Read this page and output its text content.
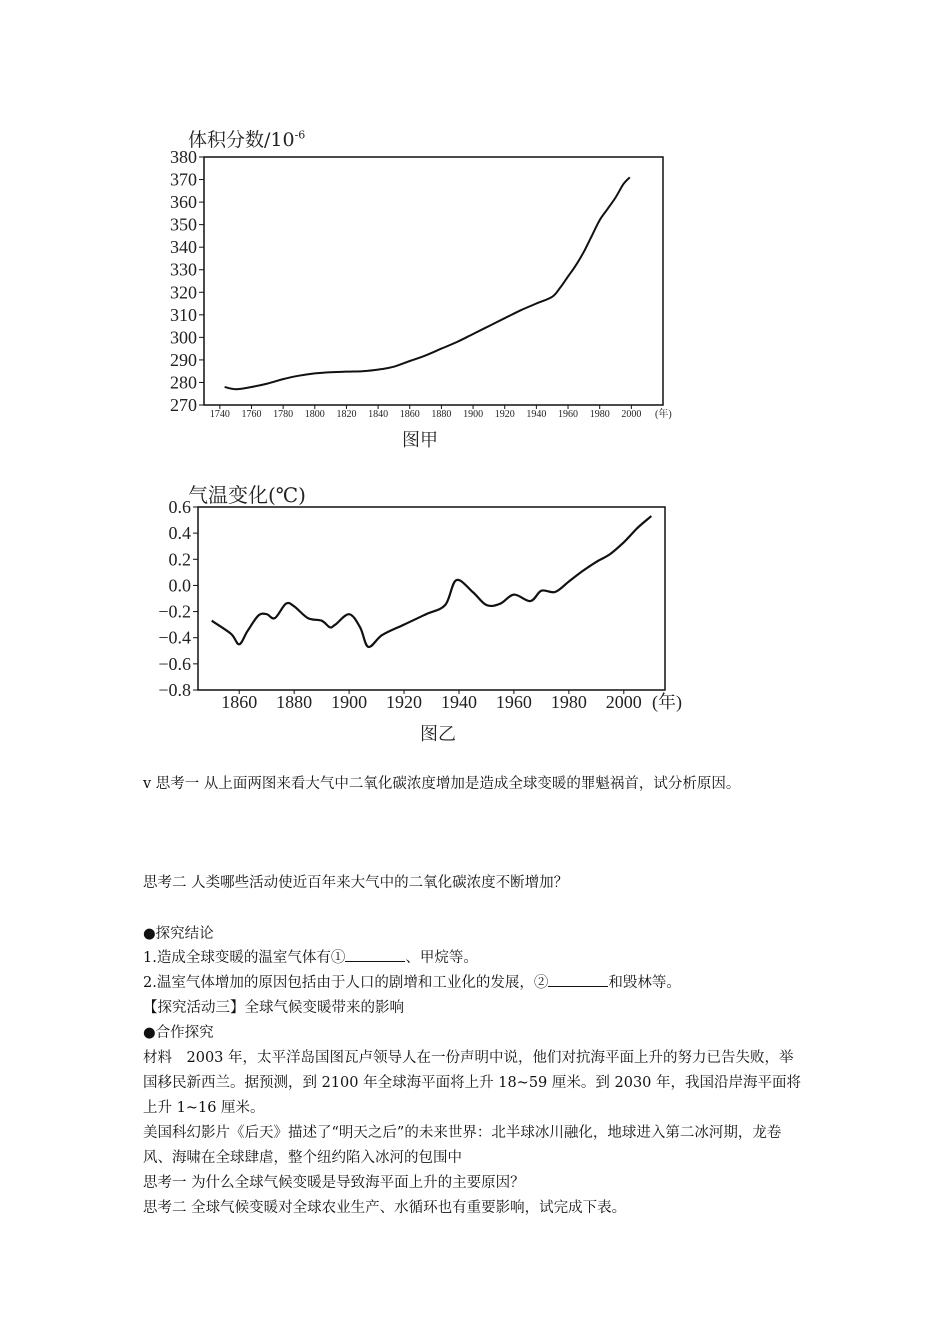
体积分数$/10^{-6}$
270
280
290
300
310
320
330
340
350
360
370
380
1740 1760 1780 1800 1820 1840 1860 1880 1900 1920 1940 1960 1980 2000 (年)
图甲
气温变化(℃)
0.6
0.4
0.2
0.0
−0.2
−0.4
−0.6
−0.8
1860 1880 1900 1920 1940 1960 1980 2000 (年)
图乙
v 思考一 从上面两图来看大气中二氧化碳浓度增加是造成全球变暖的罪魁祸首，试分析原因。
思考二 人类哪些活动使近百年来大气中的二氧化碳浓度不断增加？
●探究结论
1.造成全球变暖的温室气体有①	、甲烷等。
2.温室气体增加的原因包括由于人口的剧增和工业化的发展，②	和毁林等。
【探究活动三】全球气候变暖带来的影响
●合作探究
材料　2003 年，太平洋岛国图瓦卢领导人在一份声明中说，他们对抗海平面上升的努力已告失败，举国移民新西兰。据预测，到 2100 年全球海平面将上升 18~59 厘米。到 2030 年，我国沿岸海平面将上升 1~16 厘米。
美国科幻影片《后天》描述了“明天之后”的未来世界：北半球冰川融化，地球进入第二冰河期，龙卷风、海啸在全球肆虐，整个纽约陷入冰河的包围中
思考一 为什么全球气候变暖是导致海平面上升的主要原因？
思考二 全球气候变暖对全球农业生产、水循环也有重要影响，试完成下表。
